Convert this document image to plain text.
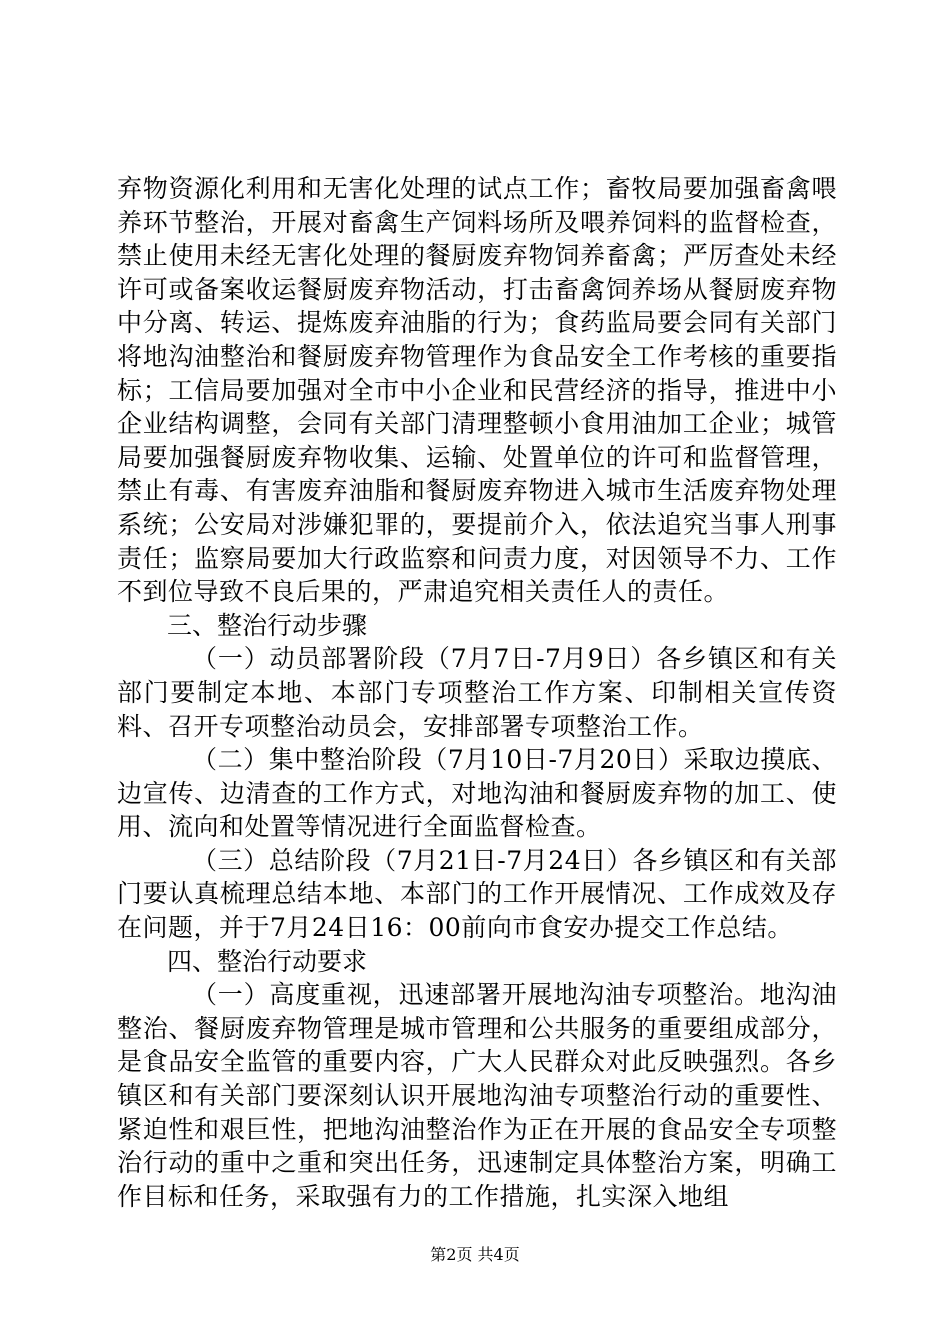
弃物资源化利用和无害化处理的试点工作；畜牧局要加强畜禽喂养环节整治，开展对畜禽生产饲料场所及喂养饲料的监督检查，禁止使用未经无害化处理的餐厨废弃物饲养畜禽；严厉查处未经许可或备案收运餐厨废弃物活动，打击畜禽饲养场从餐厨废弃物中分离、转运、提炼废弃油脂的行为；食药监局要会同有关部门将地沟油整治和餐厨废弃物管理作为食品安全工作考核的重要指标；工信局要加强对全市中小企业和民营经济的指导，推进中小企业结构调整，会同有关部门清理整顿小食用油加工企业；城管局要加强餐厨废弃物收集、运输、处置单位的许可和监督管理，禁止有毒、有害废弃油脂和餐厨废弃物进入城市生活废弃物处理系统；公安局对涉嫌犯罪的，要提前介入，依法追究当事人刑事责任；监察局要加大行政监察和问责力度，对因领导不力、工作不到位导致不良后果的，严肃追究相关责任人的责任。

三、整治行动步骤

（一）动员部署阶段（7月7日-7月9日）各乡镇区和有关部门要制定本地、本部门专项整治工作方案、印制相关宣传资料、召开专项整治动员会，安排部署专项整治工作。

（二）集中整治阶段（7月10日-7月20日）采取边摸底、边宣传、边清查的工作方式，对地沟油和餐厨废弃物的加工、使用、流向和处置等情况进行全面监督检查。

（三）总结阶段（7月21日-7月24日）各乡镇区和有关部门要认真梳理总结本地、本部门的工作开展情况、工作成效及存在问题，并于7月24日16：00前向市食安办提交工作总结。

四、整治行动要求

（一）高度重视，迅速部署开展地沟油专项整治。地沟油整治、餐厨废弃物管理是城市管理和公共服务的重要组成部分，是食品安全监管的重要内容，广大人民群众对此反映强烈。各乡镇区和有关部门要深刻认识开展地沟油专项整治行动的重要性、紧迫性和艰巨性，把地沟油整治作为正在开展的食品安全专项整治行动的重中之重和突出任务，迅速制定具体整治方案，明确工作目标和任务，采取强有力的工作措施，扎实深入地组

第2页 共4页
